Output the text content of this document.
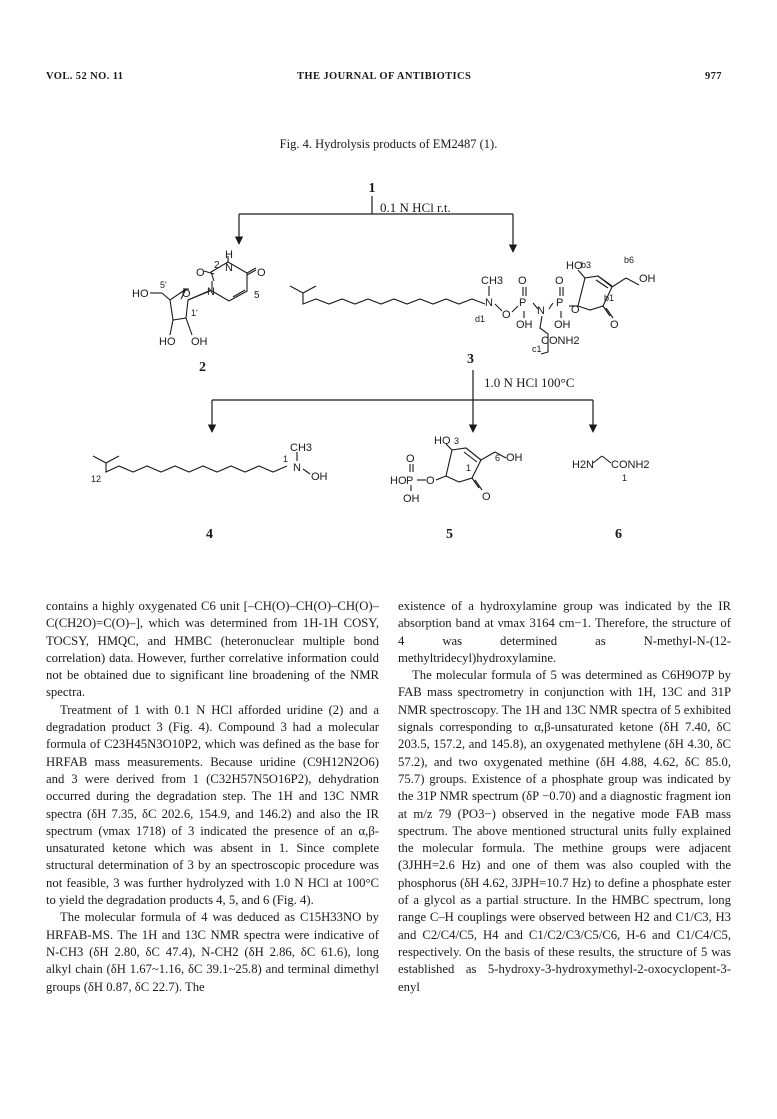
VOL. 52 NO. 11	THE JOURNAL OF ANTIBIOTICS	977
Fig. 4. Hydrolysis products of EM2487 (1).
1
0.1 N HCl r.t.
1.0 N HCl 100°C
H
O
2 N O
HO
5'
O N	5
1'
HO OH
2
HO
b3	b6
OH
CH3 O	O
N P
N
P
O
OH OH
O
b1
O
d1
CONH2
c1
3
CH3
1
N
OH
12
4
HO 3
6 OH
O
HO P O
1
O
OH
5
H2N CONH2
1
6

contains a highly oxygenated C6 unit [–CH(O)–CH(O)–CH(O)–C(CH2O)=C(O)–], which was determined from 1H-1H COSY, TOCSY, HMQC, and HMBC (heteronuclear multiple bond correlation) data. However, further correlative information could not be obtained due to significant line broadening of the NMR spectra.

Treatment of 1 with 0.1 N HCl afforded uridine (2) and a degradation product 3 (Fig. 4). Compound 3 had a molecular formula of C23H45N3O10P2, which was defined as the base for HRFAB mass measurements. Because uridine (C9H12N2O6) and 3 were derived from 1 (C32H57N5O16P2), dehydration occurred during the degradation step. The 1H and 13C NMR spectra (δH 7.35, δC 202.6, 154.9, and 146.2) and also the IR spectrum (νmax 1718) of 3 indicated the presence of an α,β-unsaturated ketone which was absent in 1. Since complete structural determination of 3 by an spectroscopic procedure was not feasible, 3 was further hydrolyzed with 1.0 N HCl at 100°C to yield the degradation products 4, 5, and 6 (Fig. 4).

The molecular formula of 4 was deduced as C15H33NO by HRFAB-MS. The 1H and 13C NMR spectra were indicative of N-CH3 (δH 2.80, δC 47.4), N-CH2 (δH 2.86, δC 61.6), long alkyl chain (δH 1.67~1.16, δC 39.1~25.8) and terminal dimethyl groups (δH 0.87, δC 22.7). The

existence of a hydroxylamine group was indicated by the IR absorption band at νmax 3164 cm−1. Therefore, the structure of 4 was determined as N-methyl-N-(12-methyltridecyl)hydroxylamine.

The molecular formula of 5 was determined as C6H9O7P by FAB mass spectrometry in conjunction with 1H, 13C and 31P NMR spectroscopy. The 1H and 13C NMR spectra of 5 exhibited signals corresponding to α,β-unsaturated ketone (δH 7.40, δC 203.5, 157.2, and 145.8), an oxygenated methylene (δH 4.30, δC 57.2), and two oxygenated methine (δH 4.88, 4.62, δC 85.0, 75.7) groups. Existence of a phosphate group was indicated by the 31P NMR spectrum (δP −0.70) and a diagnostic fragment ion at m/z 79 (PO3−) observed in the negative mode FAB mass spectrum. The above mentioned structural units fully explained the molecular formula. The methine groups were adjacent (3JHH=2.6 Hz) and one of them was also coupled with the phosphorus (δH 4.62, 3JPH=10.7 Hz) to define a phosphate ester of a glycol as a partial structure. In the HMBC spectrum, long range C–H couplings were observed between H2 and C1/C3, H3 and C2/C4/C5, H4 and C1/C2/C3/C5/C6, H-6 and C1/C4/C5, respectively. On the basis of these results, the structure of 5 was established as 5-hydroxy-3-hydroxymethyl-2-oxocyclopent-3-enyl
